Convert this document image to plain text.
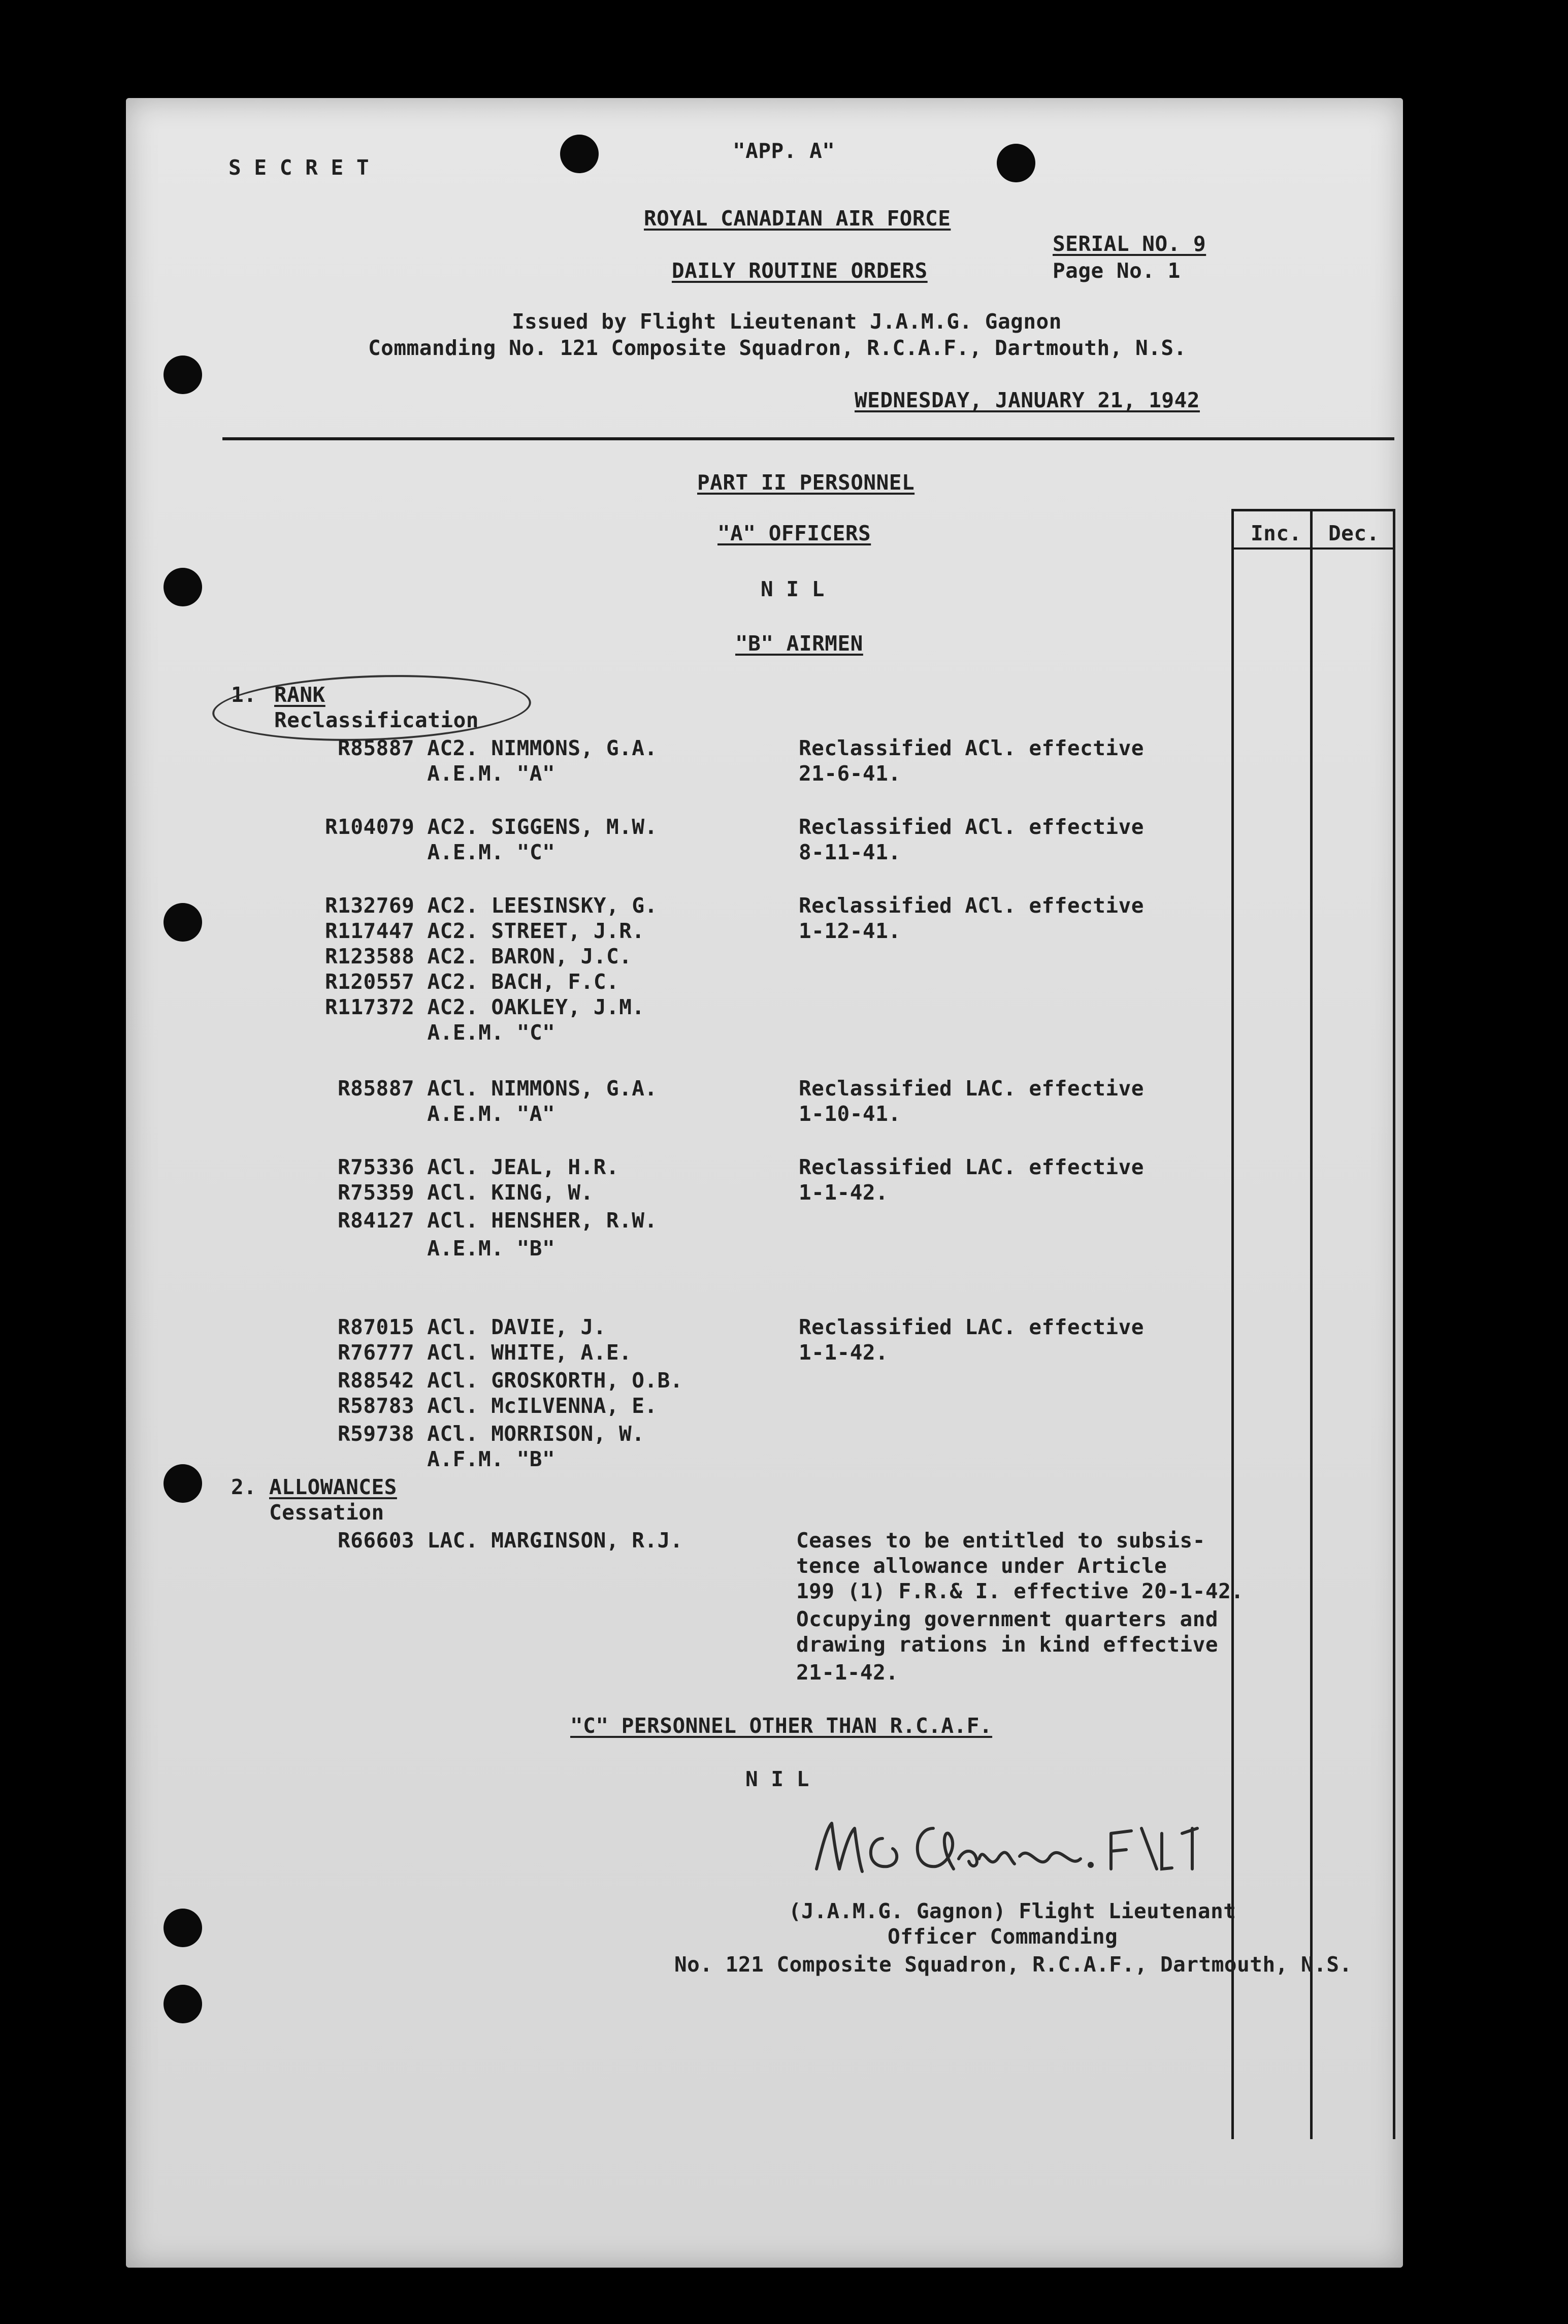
S E C R E T
"APP. A"
ROYAL CANADIAN AIR FORCE
SERIAL NO. 9
DAILY ROUTINE ORDERS	Page No. 1
Issued by Flight Lieutenant J.A.M.G. Gagnon
Commanding No. 121 Composite Squadron, R.C.A.F., Dartmouth, N.S.
WEDNESDAY, JANUARY 21, 1942
Inc. Dec.
PART II PERSONNEL
"A" OFFICERS
N I L
"B" AIRMEN
1. RANK
Reclassification
R85887 AC2. NIMMONS, G.A.
A.E.M. "A"
Reclassified ACl. effective
21-6-41.
R104079 AC2. SIGGENS, M.W.
A.E.M. "C"
Reclassified ACl. effective
8-11-41.
R132769 AC2. LEESINSKY, G.
R117447 AC2. STREET, J.R.
R123588 AC2. BARON, J.C.
R120557 AC2. BACH, F.C.
R117372 AC2. OAKLEY, J.M.
A.E.M. "C"
Reclassified ACl. effective
1-12-41.
R85887 ACl. NIMMONS, G.A.
A.E.M. "A"
Reclassified LAC. effective
1-10-41.
R75336 ACl. JEAL, H.R.
R75359 ACl. KING, W.
R84127 ACl. HENSHER, R.W.
A.E.M. "B"
Reclassified LAC. effective
1-1-42.
R87015 ACl. DAVIE, J.
R76777 ACl. WHITE, A.E.
R88542 ACl. GROSKORTH, O.B.
R58783 ACl. McILVENNA, E.
R59738 ACl. MORRISON, W.
A.F.M. "B"
Reclassified LAC. effective
1-1-42.
2. ALLOWANCES
Cessation
R66603 LAC. MARGINSON, R.J.	Ceases to be entitled to subsis-
tence allowance under Article
199 (1) F.R.& I. effective 20-1-42.
Occupying government quarters and
drawing rations in kind effective
21-1-42.
"C" PERSONNEL OTHER THAN R.C.A.F.
N I L
(J.A.M.G. Gagnon) Flight Lieutenant
Officer Commanding
No. 121 Composite Squadron, R.C.A.F., Dartmouth, N.S.
